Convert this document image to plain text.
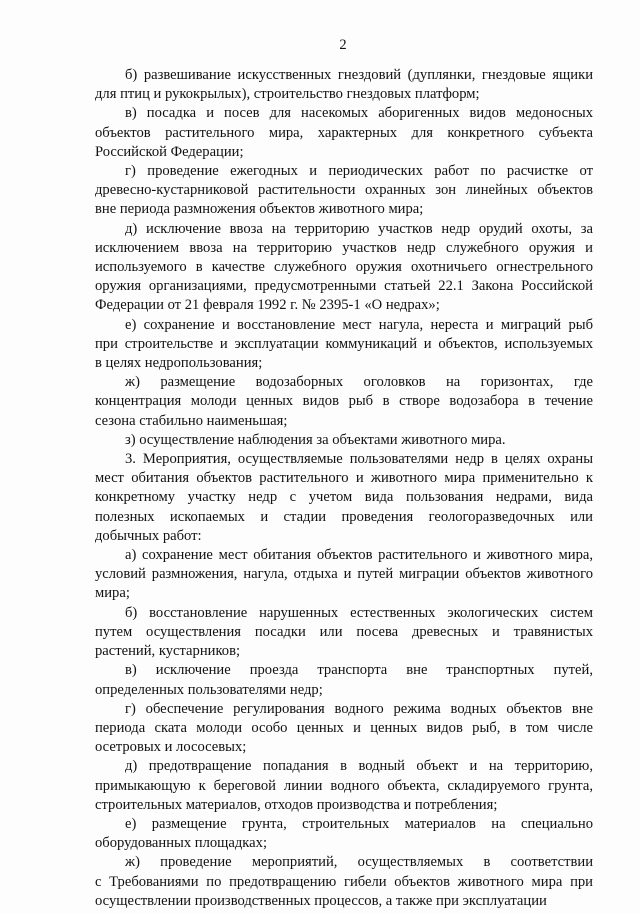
2
б) развешивание искусственных гнездовий (дуплянки, гнездовые ящики
для птиц и рукокрылых), строительство гнездовых платформ;
в) посадка и посев для насекомых аборигенных видов медоносных
объектов растительного мира, характерных для конкретного субъекта
Российской Федерации;
г) проведение ежегодных и периодических работ по расчистке от
древесно-кустарниковой растительности охранных зон линейных объектов
вне периода размножения объектов животного мира;
д) исключение ввоза на территорию участков недр орудий охоты, за
исключением ввоза на территорию участков недр служебного оружия и
используемого в качестве служебного оружия охотничьего огнестрельного
оружия организациями, предусмотренными статьей 22.1 Закона Российской
Федерации от 21 февраля 1992 г. № 2395-1 «О недрах»;
е) сохранение и восстановление мест нагула, нереста и миграций рыб
при строительстве и эксплуатации коммуникаций и объектов, используемых
в целях недропользования;
ж) размещение водозаборных оголовков на горизонтах, где
концентрация молоди ценных видов рыб в створе водозабора в течение
сезона стабильно наименьшая;
з) осуществление наблюдения за объектами животного мира.
3. Мероприятия, осуществляемые пользователями недр в целях охраны
мест обитания объектов растительного и животного мира применительно к
конкретному участку недр с учетом вида пользования недрами, вида
полезных ископаемых и стадии проведения геологоразведочных или
добычных работ:
а) сохранение мест обитания объектов растительного и животного мира,
условий размножения, нагула, отдыха и путей миграции объектов животного
мира;
б) восстановление нарушенных естественных экологических систем
путем осуществления посадки или посева древесных и травянистых
растений, кустарников;
в) исключение проезда транспорта вне транспортных путей,
определенных пользователями недр;
г) обеспечение регулирования водного режима водных объектов вне
периода ската молоди особо ценных и ценных видов рыб, в том числе
осетровых и лососевых;
д) предотвращение попадания в водный объект и на территорию,
примыкающую к береговой линии водного объекта, складируемого грунта,
строительных материалов, отходов производства и потребления;
е) размещение грунта, строительных материалов на специально
оборудованных площадках;
ж) проведение мероприятий, осуществляемых в соответствии
с Требованиями по предотвращению гибели объектов животного мира при
осуществлении производственных процессов, а также при эксплуатации
